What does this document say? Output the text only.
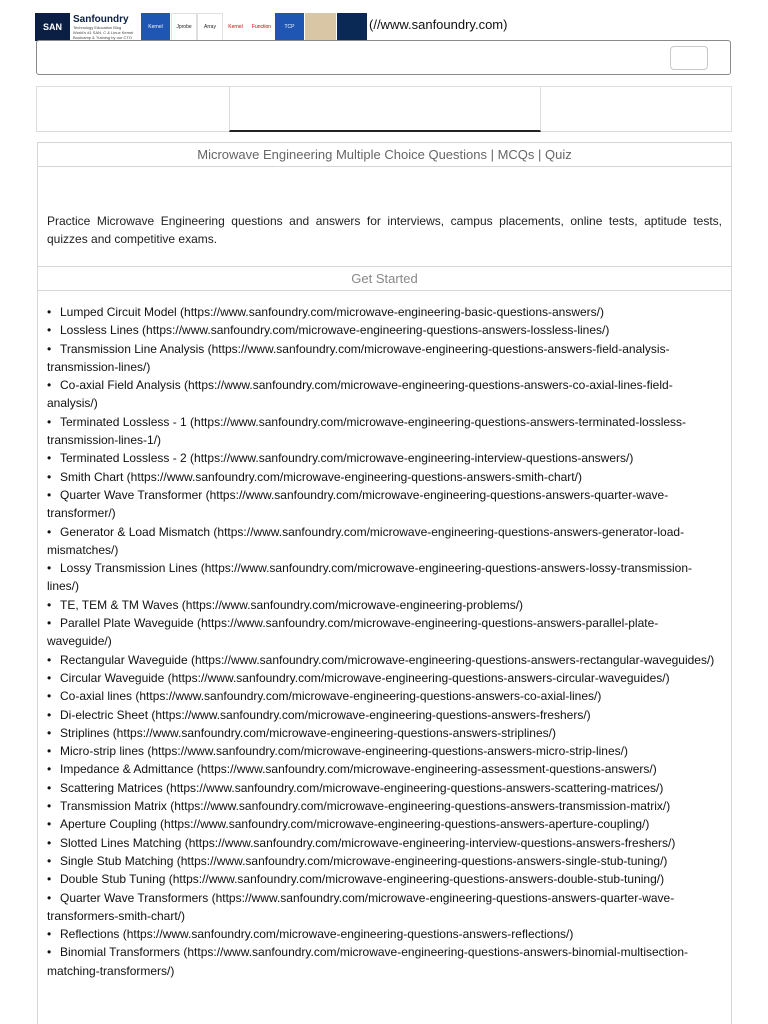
SAN
Sanfoundry
Technology Education Blog
World's #1 SAN, C & Linux Kernel Bootcamp & Training by our CTO
Kernel	Jprobe Array Kernel Function	TCP	(//www.sanfoundry.com)
Microwave Engineering Multiple Choice Questions | MCQs | Quiz
Practice Microwave Engineering questions and answers for interviews, campus placements, online tests, aptitude tests, quizzes and competitive exams.
Get Started
• Lumped Circuit Model (https://www.sanfoundry.com/microwave-engineering-basic-questions-answers/)
• Lossless Lines (https://www.sanfoundry.com/microwave-engineering-questions-answers-lossless-lines/)
• Transmission Line Analysis (https://www.sanfoundry.com/microwave-engineering-questions-answers-field-analysis-transmission-lines/)
• Co-axial Field Analysis (https://www.sanfoundry.com/microwave-engineering-questions-answers-co-axial-lines-field-analysis/)
• Terminated Lossless - 1 (https://www.sanfoundry.com/microwave-engineering-questions-answers-terminated-lossless-transmission-lines-1/)
• Terminated Lossless - 2 (https://www.sanfoundry.com/microwave-engineering-interview-questions-answers/)
• Smith Chart (https://www.sanfoundry.com/microwave-engineering-questions-answers-smith-chart/)
• Quarter Wave Transformer (https://www.sanfoundry.com/microwave-engineering-questions-answers-quarter-wave-transformer/)
• Generator & Load Mismatch (https://www.sanfoundry.com/microwave-engineering-questions-answers-generator-load-mismatches/)
• Lossy Transmission Lines (https://www.sanfoundry.com/microwave-engineering-questions-answers-lossy-transmission-lines/)
• TE, TEM & TM Waves (https://www.sanfoundry.com/microwave-engineering-problems/)
• Parallel Plate Waveguide (https://www.sanfoundry.com/microwave-engineering-questions-answers-parallel-plate-waveguide/)
• Rectangular Waveguide (https://www.sanfoundry.com/microwave-engineering-questions-answers-rectangular-waveguides/)
• Circular Waveguide (https://www.sanfoundry.com/microwave-engineering-questions-answers-circular-waveguides/)
• Co-axial lines (https://www.sanfoundry.com/microwave-engineering-questions-answers-co-axial-lines/)
• Di-electric Sheet (https://www.sanfoundry.com/microwave-engineering-questions-answers-freshers/)
• Striplines (https://www.sanfoundry.com/microwave-engineering-questions-answers-striplines/)
• Micro-strip lines (https://www.sanfoundry.com/microwave-engineering-questions-answers-micro-strip-lines/)
• Impedance & Admittance (https://www.sanfoundry.com/microwave-engineering-assessment-questions-answers/)
• Scattering Matrices (https://www.sanfoundry.com/microwave-engineering-questions-answers-scattering-matrices/)
• Transmission Matrix (https://www.sanfoundry.com/microwave-engineering-questions-answers-transmission-matrix/)
• Aperture Coupling (https://www.sanfoundry.com/microwave-engineering-questions-answers-aperture-coupling/)
• Slotted Lines Matching (https://www.sanfoundry.com/microwave-engineering-interview-questions-answers-freshers/)
• Single Stub Matching (https://www.sanfoundry.com/microwave-engineering-questions-answers-single-stub-tuning/)
• Double Stub Tuning (https://www.sanfoundry.com/microwave-engineering-questions-answers-double-stub-tuning/)
• Quarter Wave Transformers (https://www.sanfoundry.com/microwave-engineering-questions-answers-quarter-wave-transformers-smith-chart/)
• Reflections (https://www.sanfoundry.com/microwave-engineering-questions-answers-reflections/)
• Binomial Transformers (https://www.sanfoundry.com/microwave-engineering-questions-answers-binomial-multisection-matching-transformers/)
